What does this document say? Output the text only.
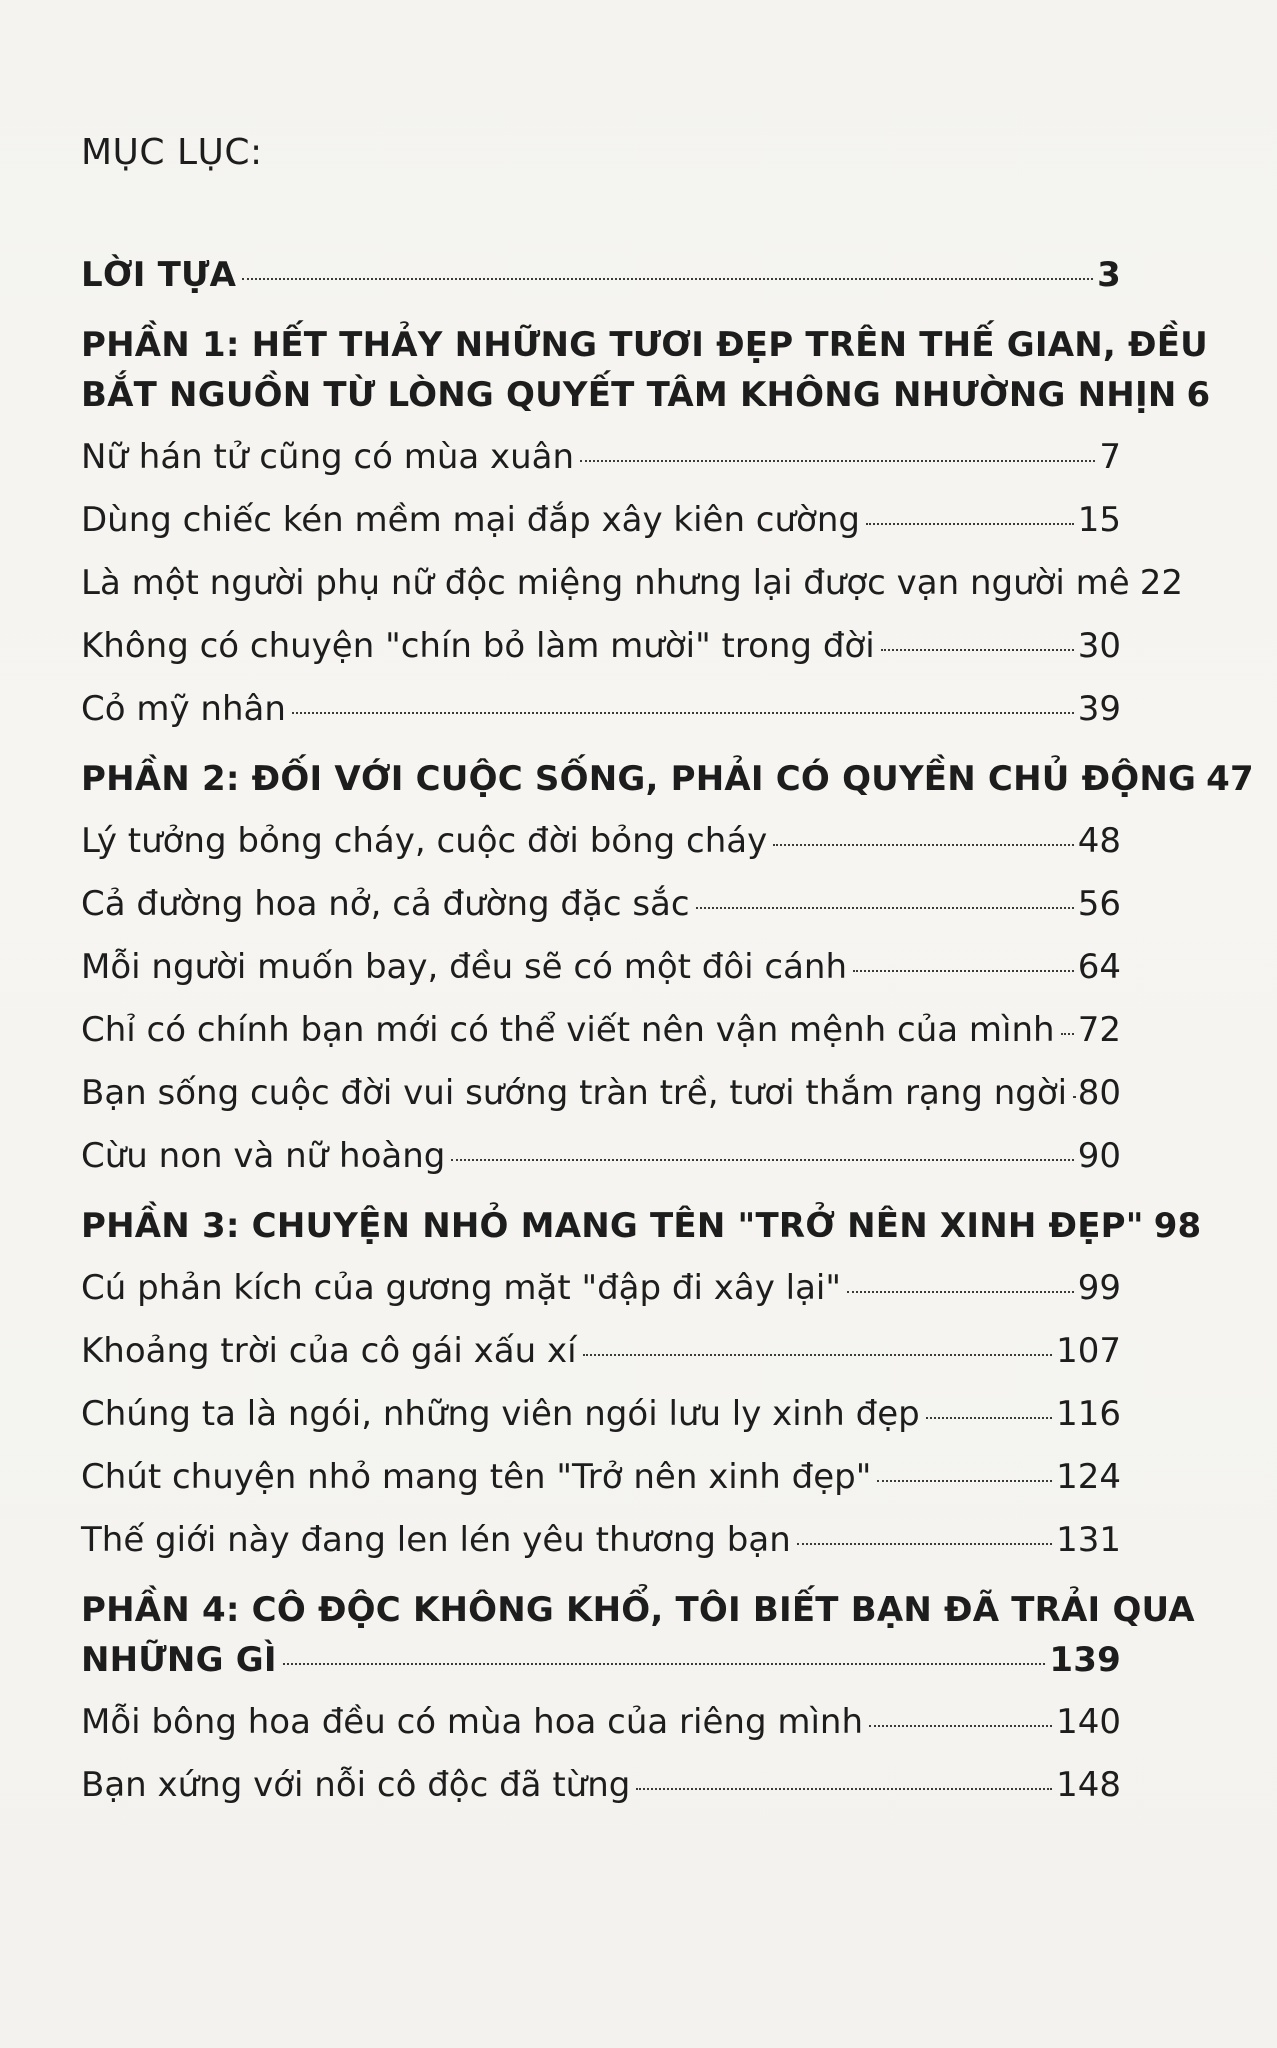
MỤC LỤC:
LỜI TỰA	3
PHẦN 1: HẾT THẢY NHỮNG TƯƠI ĐẸP TRÊN THẾ GIAN, ĐỀU
BẮT NGUỒN TỪ LÒNG QUYẾT TÂM KHÔNG NHƯỜNG NHỊN 6
Nữ hán tử cũng có mùa xuân	7
Dùng chiếc kén mềm mại đắp xây kiên cường	15
Là một người phụ nữ độc miệng nhưng lại được vạn người mê 22
Không có chuyện "chín bỏ làm mười" trong đời	30
Cỏ mỹ nhân	39
PHẦN 2: ĐỐI VỚI CUỘC SỐNG, PHẢI CÓ QUYỀN CHỦ ĐỘNG 47
Lý tưởng bỏng cháy, cuộc đời bỏng cháy	48
Cả đường hoa nở, cả đường đặc sắc	56
Mỗi người muốn bay, đều sẽ có một đôi cánh	64
Chỉ có chính bạn mới có thể viết nên vận mệnh của mình 72
Bạn sống cuộc đời vui sướng tràn trề, tươi thắm rạng ngời 80
Cừu non và nữ hoàng	90
PHẦN 3: CHUYỆN NHỎ MANG TÊN "TRỞ NÊN XINH ĐẸP" 98
Cú phản kích của gương mặt "đập đi xây lại"	99
Khoảng trời của cô gái xấu xí	107
Chúng ta là ngói, những viên ngói lưu ly xinh đẹp	116
Chút chuyện nhỏ mang tên "Trở nên xinh đẹp"	124
Thế giới này đang len lén yêu thương bạn	131
PHẦN 4: CÔ ĐỘC KHÔNG KHỔ, TÔI BIẾT BẠN ĐÃ TRẢI QUA
NHỮNG GÌ	139
Mỗi bông hoa đều có mùa hoa của riêng mình	140
Bạn xứng với nỗi cô độc đã từng	148
